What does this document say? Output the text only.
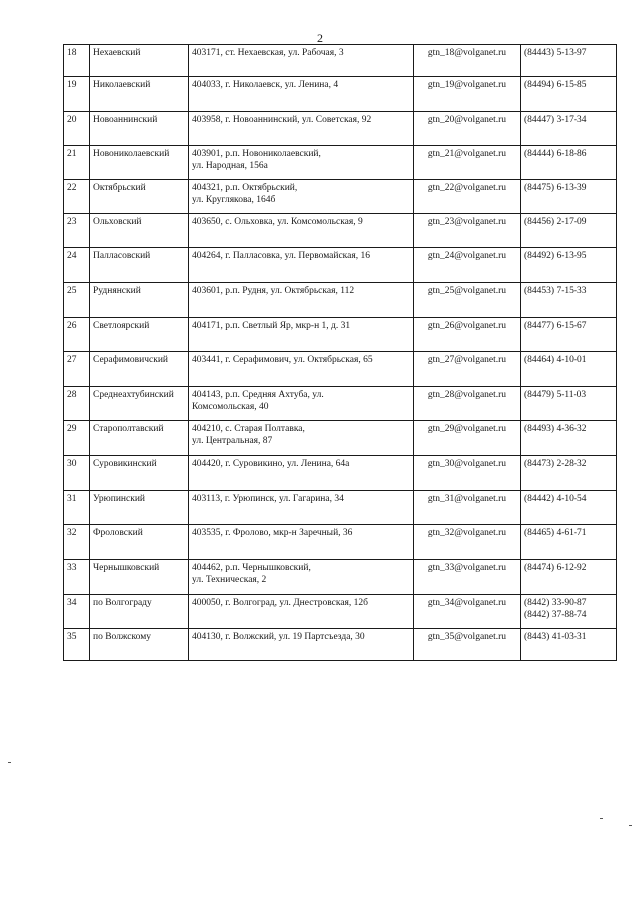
2
18	Нехаевский	403171, ст. Нехаевская, ул. Рабочая, 3	gtn_18@volganet.ru	(84443) 5-13-97

19	Николаевский	404033, г. Николаевск, ул. Ленина, 4	gtn_19@volganet.ru	(84494) 6-15-85

20	Новоаннинский	403958, г. Новоаннинский, ул. Советская, 92	gtn_20@volganet.ru	(84447) 3-17-34

21	Новониколаевский	403901, р.п. Новониколаевский,
ул. Народная, 156а	gtn_21@volganet.ru	(84444) 6-18-86

22	Октябрьский	404321, р.п. Октябрьский,
ул. Круглякова, 164б	gtn_22@volganet.ru	(84475) 6-13-39

23	Ольховский	403650, с. Ольховка, ул. Комсомольская, 9	gtn_23@volganet.ru	(84456) 2-17-09

24	Палласовский	404264, г. Палласовка, ул. Первомайская, 16	gtn_24@volganet.ru	(84492) 6-13-95

25	Руднянский	403601, р.п. Рудня, ул. Октябрьская, 112	gtn_25@volganet.ru	(84453) 7-15-33

26	Светлоярский	404171, р.п. Светлый Яр, мкр-н 1, д. 31	gtn_26@volganet.ru	(84477) 6-15-67

27	Серафимовичский	403441, г. Серафимович, ул. Октябрьская, 65	gtn_27@volganet.ru	(84464) 4-10-01

28	Среднеахтубинский	404143, р.п. Средняя Ахтуба, ул.
Комсомольская, 40	gtn_28@volganet.ru	(84479) 5-11-03

29	Старополтавский	404210, с. Старая Полтавка,
ул. Центральная, 87	gtn_29@volganet.ru	(84493) 4-36-32

30	Суровикинский	404420, г. Суровикино, ул. Ленина, 64а	gtn_30@volganet.ru	(84473) 2-28-32

31	Урюпинский	403113, г. Урюпинск, ул. Гагарина, 34	gtn_31@volganet.ru	(84442) 4-10-54

32	Фроловский	403535, г. Фролово, мкр-н Заречный, 36	gtn_32@volganet.ru	(84465) 4-61-71

33	Чернышковский	404462, р.п. Чернышковский,
ул. Техническая, 2	gtn_33@volganet.ru	(84474) 6-12-92

34	по Волгограду	400050, г. Волгоград, ул. Днестровская, 12б	gtn_34@volganet.ru	(8442) 33-90-87
(8442) 37-88-74

35	по Волжскому	404130, г. Волжский, ул. 19 Партсъезда, 30	gtn_35@volganet.ru	(8443) 41-03-31
